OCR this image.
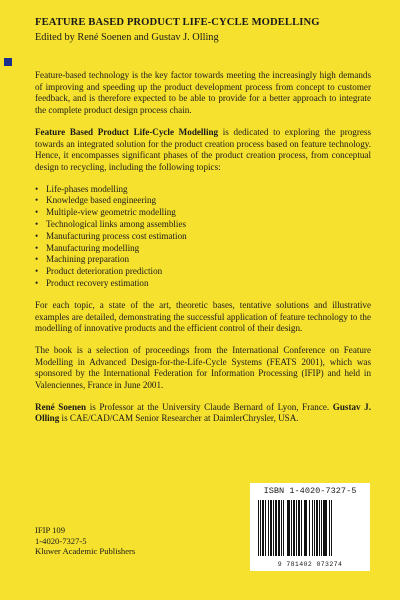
FEATURE BASED PRODUCT LIFE-CYCLE MODELLING
Edited by René Soenen and Gustav J. Olling

Feature-based technology is the key factor towards meeting the increasingly high demands of improving and speeding up the product development process from concept to customer feedback, and is therefore expected to be able to provide for a better approach to integrate the complete product design process chain.

Feature Based Product Life-Cycle Modelling is dedicated to exploring the progress towards an integrated solution for the product creation process based on feature technology. Hence, it encompasses significant phases of the product creation process, from conceptual design to recycling, including the following topics:

• Life-phases modelling
• Knowledge based engineering
• Multiple-view geometric modelling
• Technological links among assemblies
• Manufacturing process cost estimation
• Manufacturing modelling
• Machining preparation
• Product deterioration prediction
• Product recovery estimation

For each topic, a state of the art, theoretic bases, tentative solutions and illustrative examples are detailed, demonstrating the successful application of feature technology to the modelling of innovative products and the efficient control of their design.

The book is a selection of proceedings from the International Conference on Feature Modelling in Advanced Design-for-the-Life-Cycle Systems (FEATS 2001), which was sponsored by the International Federation for Information Processing (IFIP) and held in Valenciennes, France in June 2001.

René Soenen is Professor at the University Claude Bernard of Lyon, France. Gustav J. Olling is CAE/CAD/CAM Senior Researcher at DaimlerChrysler, USA.

ISBN 1-4020-7327-5
9 781402 073274
IFIP 109
1-4020-7327-5
Kluwer Academic Publishers
